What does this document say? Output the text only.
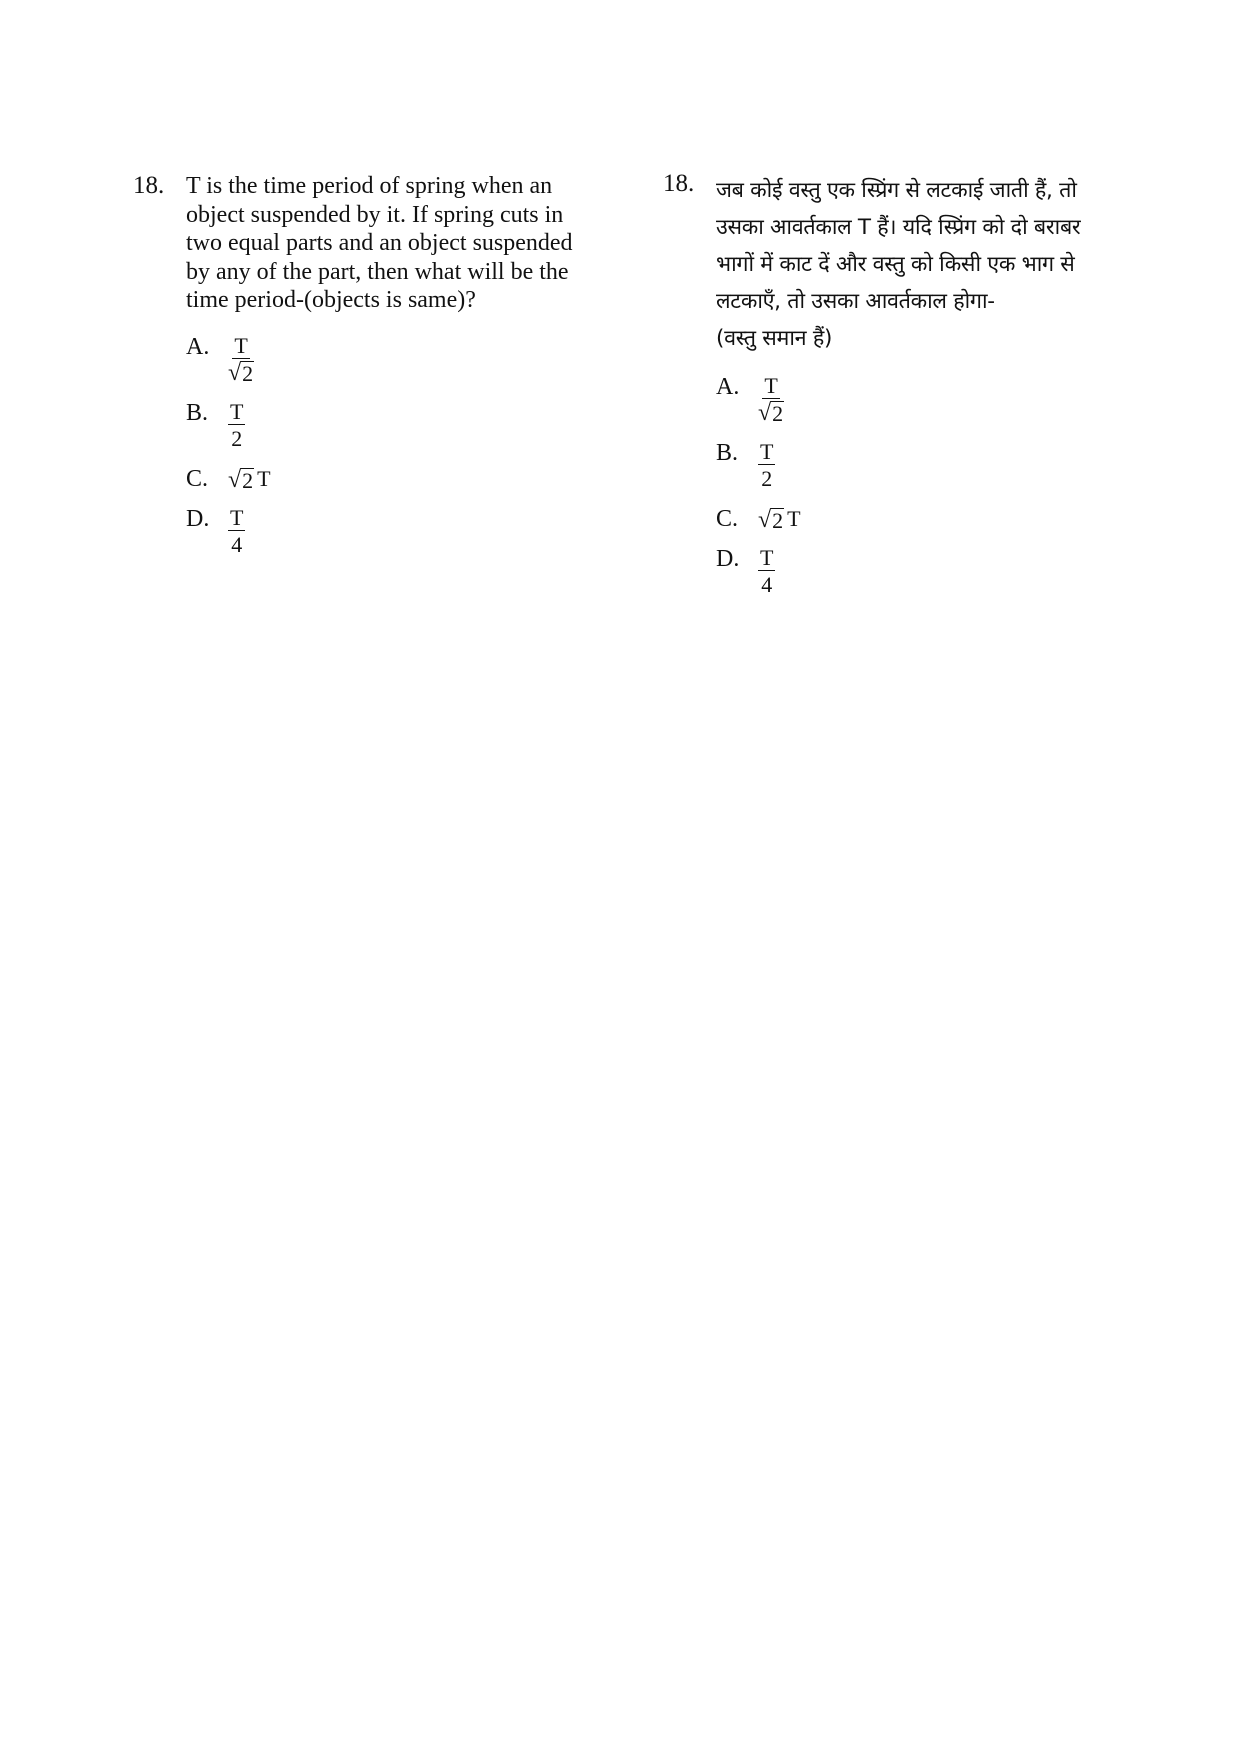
18. T is the time period of spring when an
object suspended by it. If spring cuts in
two equal parts and an object suspended
by any of the part, then what will be the
time period-(objects is same)?
A. $\frac{T}{√ 2}$
B. $\frac{T}{2}$
C. √ 2 T
D. $\frac{T}{4}$
18. जब कोई वस्तु एक स्प्रिंग से लटकाई जाती हैं, तो
उसका आवर्तकाल T हैं। यदि स्प्रिंग को दो बराबर
भागों में काट दें और वस्तु को किसी एक भाग से
लटकाएँ, तो उसका आवर्तकाल होगा-
(वस्तु समान हैं)
A. $\frac{T}{√ 2}$
B. $\frac{T}{2}$
C. √ 2 T
D. $\frac{T}{4}$
